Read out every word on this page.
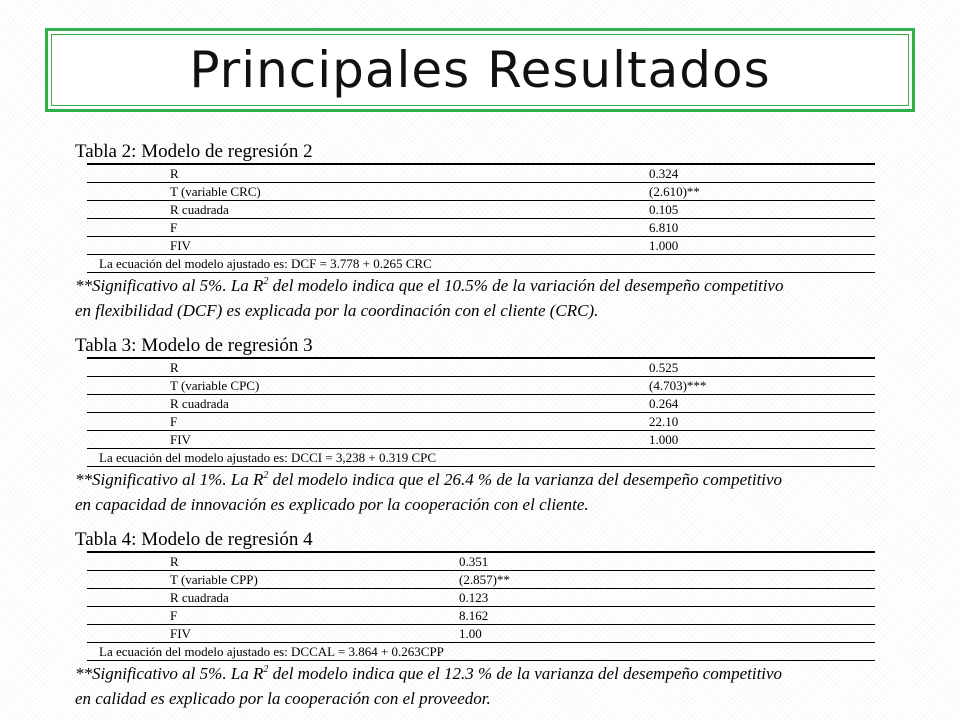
Principales Resultados
Tabla 2: Modelo de regresión 2
R	0.324
T (variable CRC)	(2.610)**
R cuadrada	0.105
F	6.810
FIV	1.000
La ecuación del modelo ajustado es: DCF = 3.778 + 0.265 CRC
**Significativo al 5%. La $R^2$ del modelo indica que el 10.5% de la variación del desempeño competitivo
en flexibilidad (DCF) es explicada por la coordinación con el cliente (CRC).
Tabla 3: Modelo de regresión 3
R	0.525
T (variable CPC)	(4.703)***
R cuadrada	0.264
F	22.10
FIV	1.000
La ecuación del modelo ajustado es: DCCI = 3,238 + 0.319 CPC
**Significativo al 1%. La $R^2$ del modelo indica que el 26.4 % de la varianza del desempeño competitivo
en capacidad de innovación es explicado por la cooperación con el cliente.
Tabla 4: Modelo de regresión 4
R	0.351
T (variable CPP)	(2.857)**
R cuadrada	0.123
F	8.162
FIV	1.00
La ecuación del modelo ajustado es: DCCAL = 3.864 + 0.263CPP
**Significativo al 5%. La $R^2$ del modelo indica que el 12.3 % de la varianza del desempeño competitivo
en calidad es explicado por la cooperación con el proveedor.
